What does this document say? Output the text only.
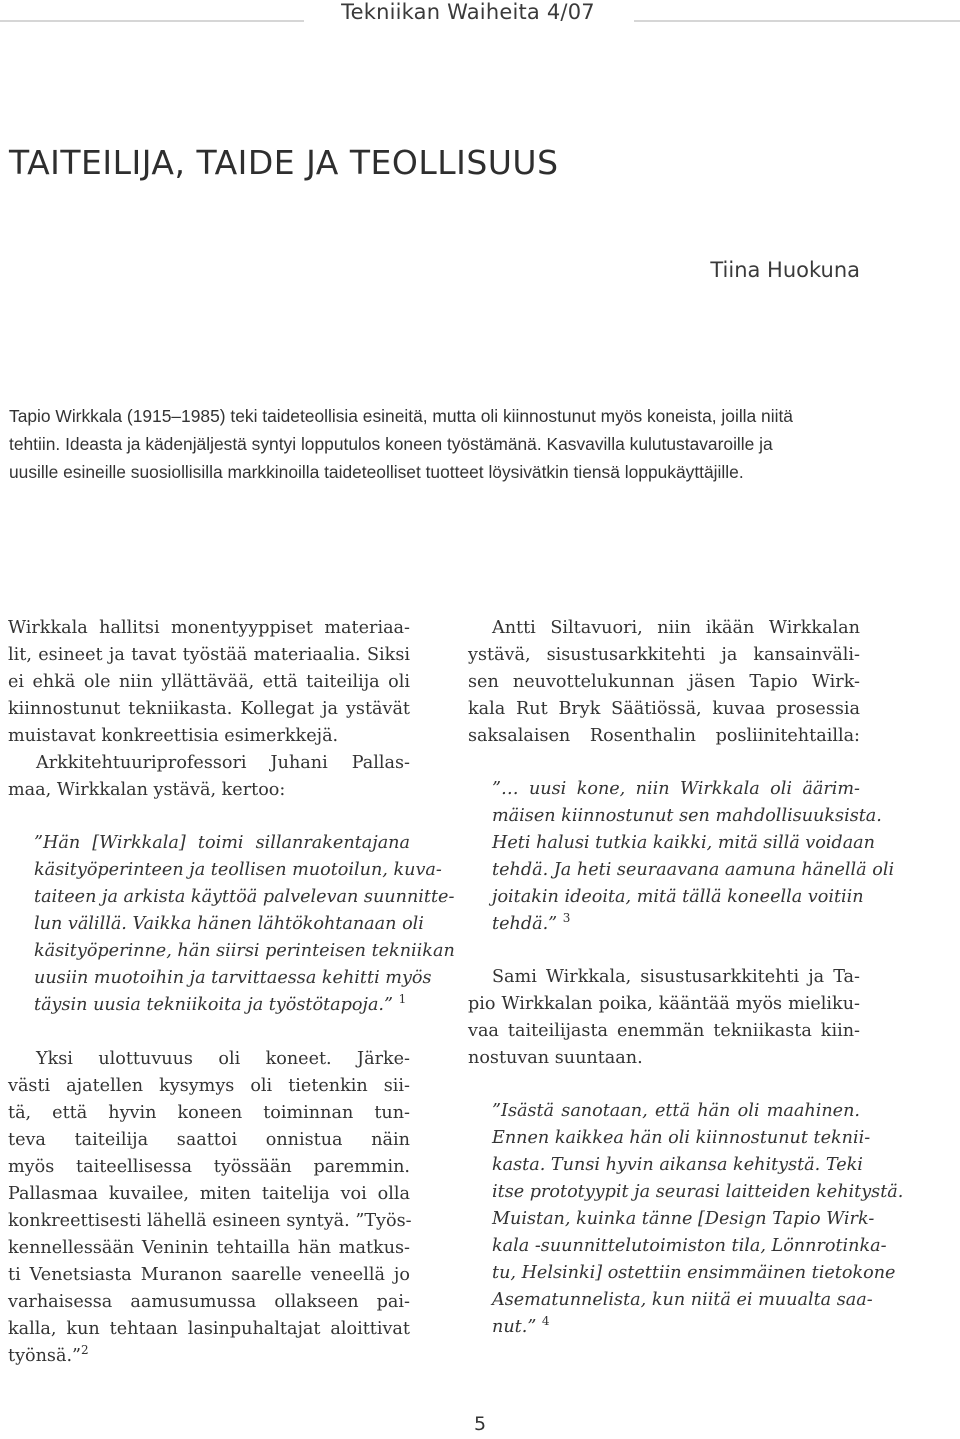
Tekniikan Waiheita 4/07
TAITEILIJA, TAIDE JA TEOLLISUUS
Tiina Huokuna
Tapio Wirkkala (1915–1985) teki taideteollisia esineitä, mutta oli kiinnostunut myös koneista, joilla niitä
tehtiin. Ideasta ja kädenjäljestä syntyi lopputulos koneen työstämänä. Kasvavilla kulutustavaroille ja
uusille esineille suosiollisilla markkinoilla taideteolliset tuotteet löysivätkin tiensä loppukäyttäjille.
Wirkkala hallitsi monentyyppiset materiaa-
lit, esineet ja tavat työstää materiaalia. Siksi
ei ehkä ole niin yllättävää, että taiteilija oli
kiinnostunut tekniikasta. Kollegat ja ystävät
muistavat konkreettisia esimerkkejä.
Arkkitehtuuriprofessori Juhani Pallas-
maa, Wirkkalan ystävä, kertoo:
”Hän [Wirkkala] toimi sillanrakentajana
käsityöperinteen ja teollisen muotoilun, kuva-
taiteen ja arkista käyttöä palvelevan suunnitte-
lun välillä. Vaikka hänen lähtökohtanaan oli
käsityöperinne, hän siirsi perinteisen tekniikan
uusiin muotoihin ja tarvittaessa kehitti myös
täysin uusia tekniikoita ja työstötapoja.” $^1$
Yksi ulottuvuus oli koneet. Järke-
västi ajatellen kysymys oli tietenkin sii-
tä, että hyvin koneen toiminnan tun-
teva taiteilija saattoi onnistua näin
myös taiteellisessa työssään paremmin.
Pallasmaa kuvailee, miten taitelija voi olla
konkreettisesti lähellä esineen syntyä. ”Työs-
kennellessään Veninin tehtailla hän matkus-
ti Venetsiasta Muranon saarelle veneellä jo
varhaisessa aamusumussa ollakseen pai-
kalla, kun tehtaan lasinpuhaltajat aloittivat
työnsä.”$^2$
Antti Siltavuori, niin ikään Wirkkalan
ystävä, sisustusarkkitehti ja kansainväli-
sen neuvottelukunnan jäsen Tapio Wirk-
kala Rut Bryk Säätiössä, kuvaa prosessia
saksalaisen Rosenthalin posliinitehtailla:
”… uusi kone, niin Wirkkala oli äärim-
mäisen kiinnostunut sen mahdollisuuksista.
Heti halusi tutkia kaikki, mitä sillä voidaan
tehdä. Ja heti seuraavana aamuna hänellä oli
joitakin ideoita, mitä tällä koneella voitiin
tehdä.” $^3$
Sami Wirkkala, sisustusarkkitehti ja Ta-
pio Wirkkalan poika, kääntää myös mieliku-
vaa taiteilijasta enemmän tekniikasta kiin-
nostuvan suuntaan.
”Isästä sanotaan, että hän oli maahinen.
Ennen kaikkea hän oli kiinnostunut teknii-
kasta. Tunsi hyvin aikansa kehitystä. Teki
itse prototyypit ja seurasi laitteiden kehitystä.
Muistan, kuinka tänne [Design Tapio Wirk-
kala -suunnittelutoimiston tila, Lönnrotinka-
tu, Helsinki] ostettiin ensimmäinen tietokone
Asematunnelista, kun niitä ei muualta saa-
nut.” $^4$
5
